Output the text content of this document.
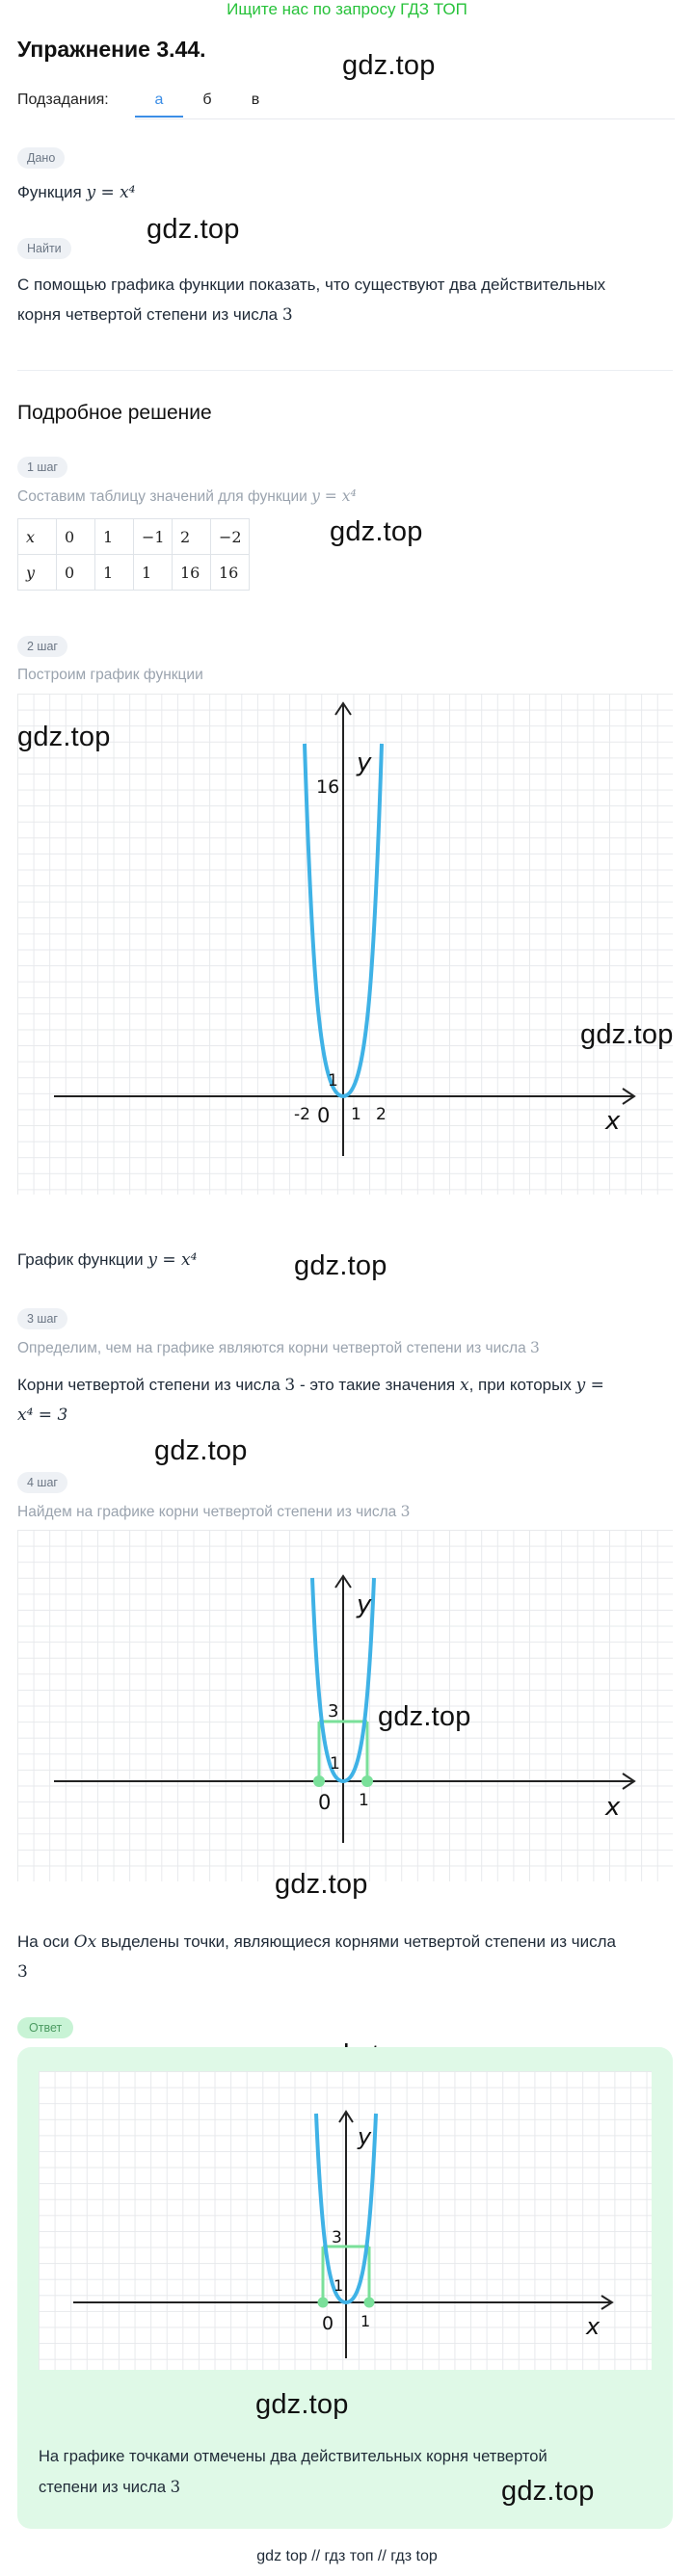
Ищите нас по запросу ГДЗ ТОП
Упражнение 3.44.
gdz.top
Подзадания:	а	б	в
Дано
Функция y = x⁴
gdz.top
Найти
С помощью графика функции показать, что существуют два действительных
корня четвертой степени из числа 3
Подробное решение
1 шаг
Составим таблицу значений для функции y = x⁴
gdz.top
x	0	1	−1	2	−2
y	0	1	1	16	16
2 шаг
Построим график функции
y
x
16
1
-2 0 1 2
gdz.top
gdz.top
График функции y = x⁴	gdz.top
3 шаг
Определим, чем на графике являются корни четвертой степени из числа 3
Корни четвертой степени из числа 3 - это такие значения x, при которых y =
x⁴ = 3
gdz.top
4 шаг
Найдем на графике корни четвертой степени из числа 3
y
x
3
1
0 1
gdz.top
gdz.top
На оси Ox выделены точки, являющиеся корнями четвертой степени из числа
3
Ответ
y
x
3
1
0 1
gdz.top
На графике точками отмечены два действительных корня четвертой
степени из числа 3	gdz.top
gdz top // гдз топ // гдз top
